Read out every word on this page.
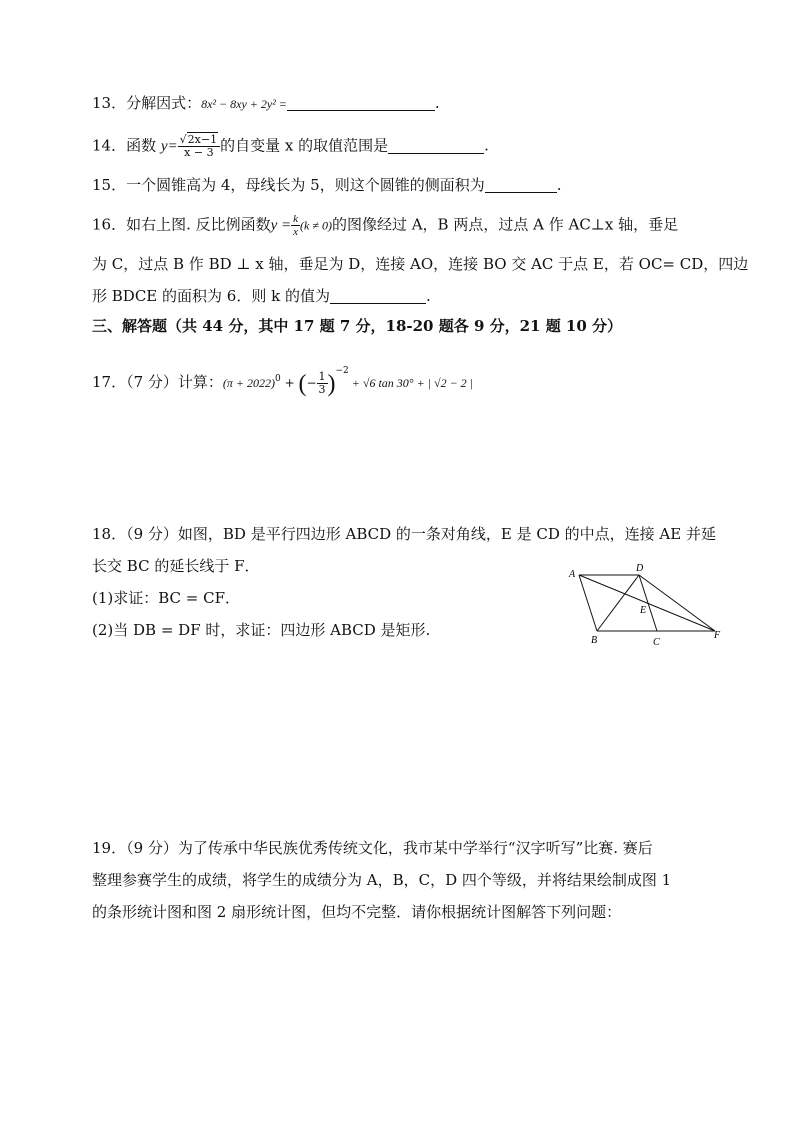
13．分解因式：8x² − 8xy + 2y² =	.
14．函数 $y= \frac{√2x-1}{x - 3}$ 的自变量 x 的取值范围是	.
15．一个圆锥高为 4，母线长为 5，则这个圆锥的侧面积为	.
16．如右上图. 反比例函数$y = \frac{k}{x} (k \ne 0)$的图像经过 A，B 两点，过点 A 作 AC⊥x 轴，垂足
为 C，过点 B 作 BD ⊥ x 轴，垂足为 D，连接 AO，连接 BO 交 AC 于点 E，若 OC= CD，四边
形 BDCE 的面积为 6．则 k 的值为	.
三、解答题（共 44 分，其中 17 题 7 分，18-20 题各 9 分，21 题 10 分）
17．（7 分）计算：$(\pi + 2022)^0$ + (− $\frac{1}{3} )^{-2} + √6$ tan 30° + | √2 − 2 |
18．（9 分）如图，BD 是平行四边形 ABCD 的一条对角线，E 是 CD 的中点，连接 AE 并延
长交 BC 的延长线于 F．
(1)求证：BC = CF．
(2)当 DB = DF 时，求证：四边形 ABCD 是矩形.
A
D
E
B	C
F
19．（9 分）为了传承中华民族优秀传统文化，我市某中学举行“汉字听写”比赛. 赛后
整理参赛学生的成绩，将学生的成绩分为 A，B，C，D 四个等级，并将结果绘制成图 1
的条形统计图和图 2 扇形统计图，但均不完整．请你根据统计图解答下列问题：
